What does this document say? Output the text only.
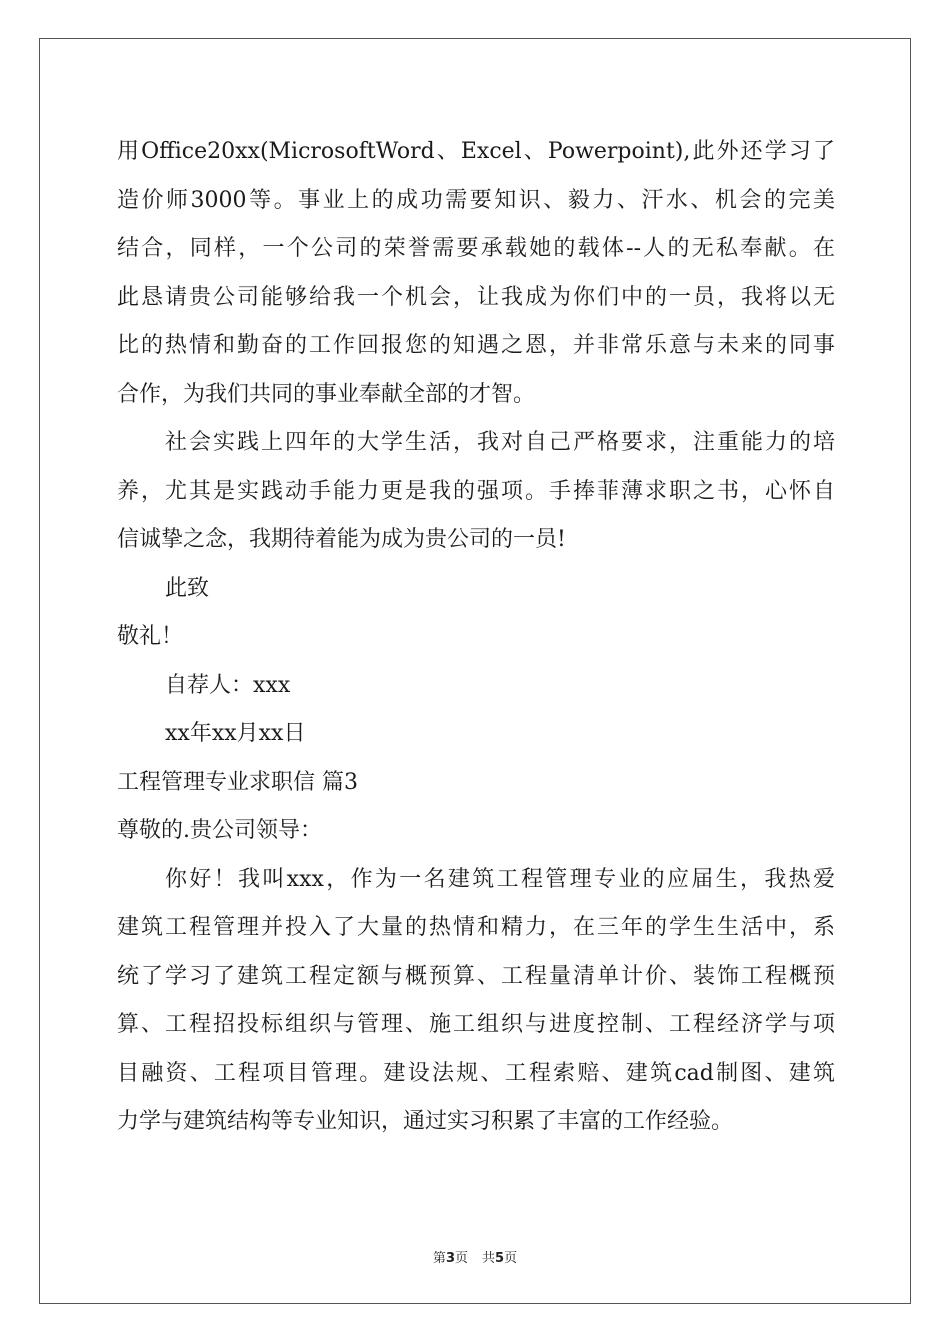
用Office20xx(MicrosoftWord、Excel、Powerpoint),此外还学习了
造价师3000等。事业上的成功需要知识、毅力、汗水、机会的完美
结合，同样，一个公司的荣誉需要承载她的载体--人的无私奉献。在
此恳请贵公司能够给我一个机会，让我成为你们中的一员，我将以无
比的热情和勤奋的工作回报您的知遇之恩，并非常乐意与未来的同事
合作，为我们共同的事业奉献全部的才智。
社会实践上四年的大学生活，我对自己严格要求，注重能力的培
养，尤其是实践动手能力更是我的强项。手捧菲薄求职之书，心怀自
信诚挚之念，我期待着能为成为贵公司的一员!
此致
敬礼！
自荐人：xxx
xx年xx月xx日
工程管理专业求职信 篇3
尊敬的.贵公司领导：
你好！我叫xxx，作为一名建筑工程管理专业的应届生，我热爱
建筑工程管理并投入了大量的热情和精力，在三年的学生生活中，系
统了学习了建筑工程定额与概预算、工程量清单计价、装饰工程概预
算、工程招投标组织与管理、施工组织与进度控制、工程经济学与项
目融资、工程项目管理。建设法规、工程索赔、建筑cad制图、建筑
力学与建筑结构等专业知识，通过实习积累了丰富的工作经验。
第3页 共5页
